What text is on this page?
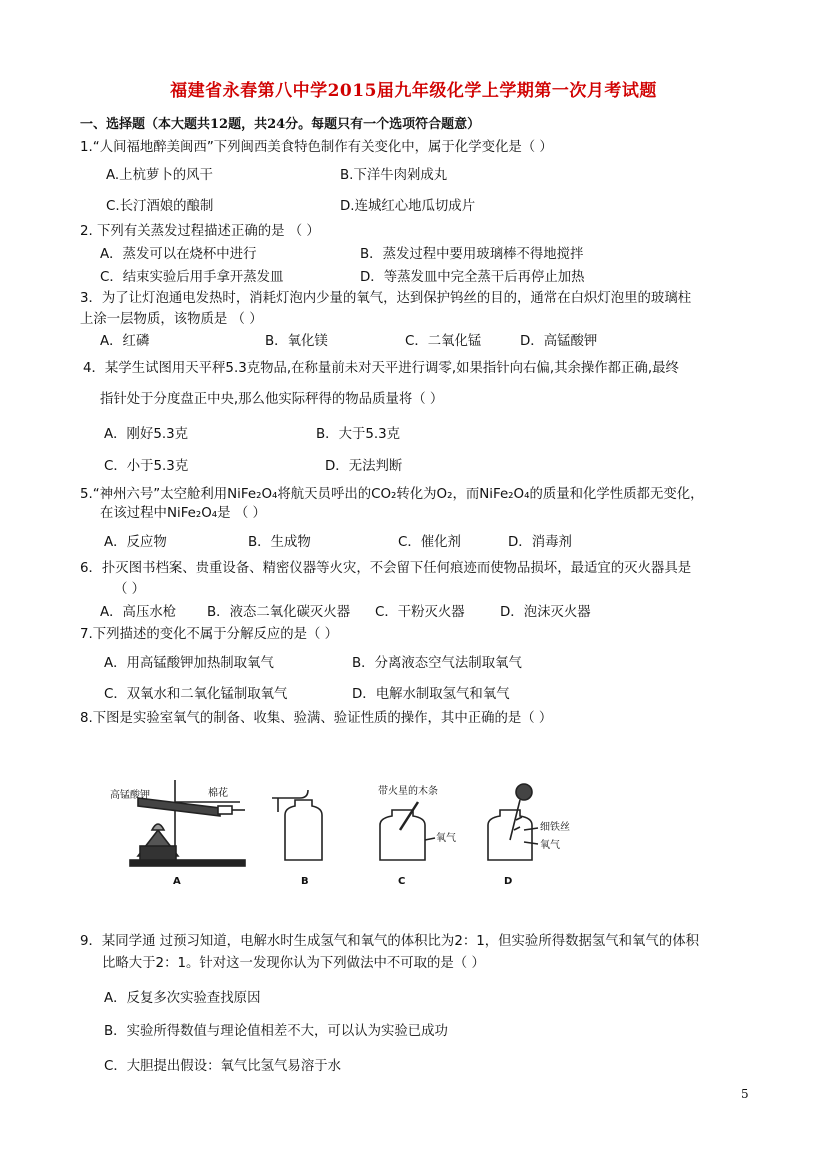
福建省永春第八中学2015届九年级化学上学期第一次月考试题
一、选择题（本大题共12题，共24分。每题只有一个选项符合题意）
1.“人间福地醉美闽西”下列闽西美食特色制作有关变化中，属于化学变化是（ ）
A.上杭萝卜的风干	B.下洋牛肉剁成丸
C.长汀酒娘的酿制	D.连城红心地瓜切成片
2. 下列有关蒸发过程描述正确的是 （ ）
A．蒸发可以在烧杯中进行	B．蒸发过程中要用玻璃棒不得地搅拌
C．结束实验后用手拿开蒸发皿	D．等蒸发皿中完全蒸干后再停止加热
3．为了让灯泡通电发热时，消耗灯泡内少量的氧气，达到保护钨丝的目的，通常在白炽灯泡里的玻璃柱
上涂一层物质，该物质是 （ ）
A．红磷	B．氧化镁	C．二氧化锰	D．高锰酸钾
4．某学生试图用天平秤5.3克物品,在称量前未对天平进行调零,如果指针向右偏,其余操作都正确,最终
指针处于分度盘正中央,那么他实际秤得的物品质量将（ ）
A．刚好5.3克	B．大于5.3克
C．小于5.3克	D．无法判断
5.“神州六号”太空舱利用NiFe₂O₄将航天员呼出的CO₂转化为O₂，而NiFe₂O₄的质量和化学性质都无变化，
在该过程中NiFe₂O₄是 （ ）
A．反应物	B．生成物	C．催化剂	D．消毒剂
6．扑灭图书档案、贵重设备、精密仪器等火灾，不会留下任何痕迹而使物品损坏，最适宜的灭火器具是
（ ）
A．高压水枪 B．液态二氧化碳灭火器 C．干粉灭火器	D．泡沫灭火器
7.下列描述的变化不属于分解反应的是（ ）
A．用高锰酸钾加热制取氧气	B．分离液态空气法制取氧气
C．双氧水和二氧化锰制取氧气	D．电解水制取氢气和氧气
8.下图是实验室氧气的制备、收集、验满、验证性质的操作，其中正确的是（ ）
高锰酸钾	棉花	带火星的木条
氧气
细铁丝
氧气
A	B	C	D
9．某同学通 过预习知道，电解水时生成氢气和氧气的体积比为2：1，但实验所得数据氢气和氧气的体积
比略大于2：1。针对这一发现你认为下列做法中不可取的是（ ）
A．反复多次实验查找原因
B．实验所得数值与理论值相差不大，可以认为实验已成功
C．大胆提出假设：氧气比氢气易溶于水
5
